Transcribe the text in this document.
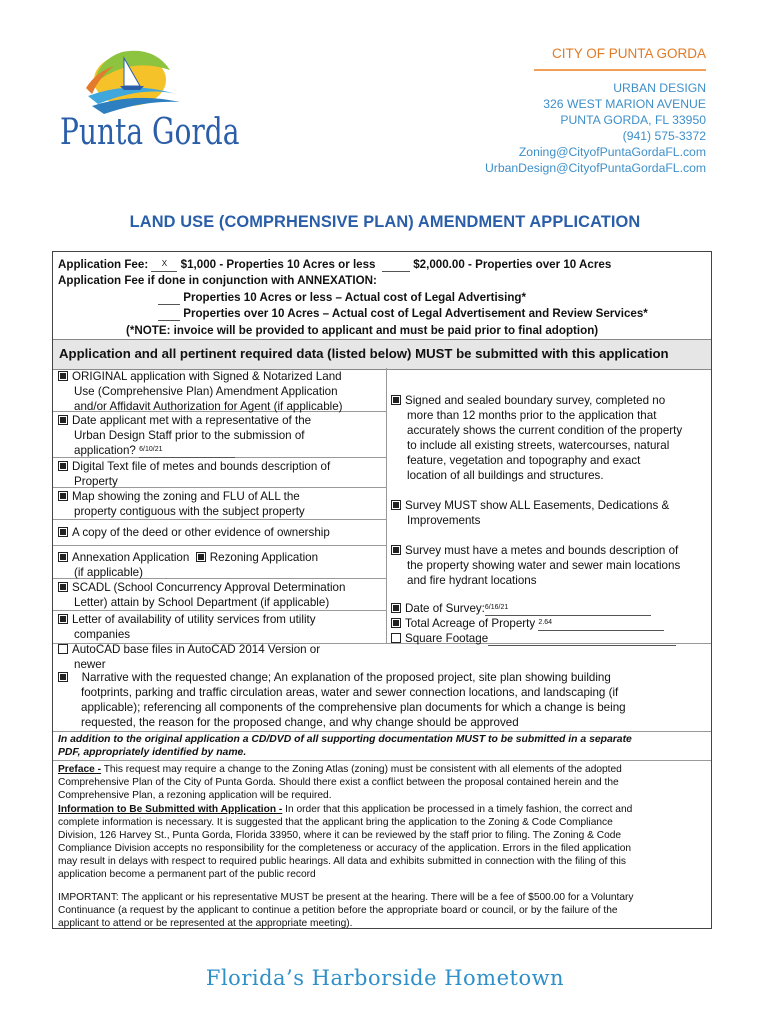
Punta Gorda
CITY OF PUNTA GORDA
URBAN DESIGN
326 WEST MARION AVENUE
PUNTA GORDA, FL 33950
(941) 575-3372
Zoning@CityofPuntaGordaFL.com
UrbanDesign@CityofPuntaGordaFL.com
LAND USE (COMPRHENSIVE PLAN) AMENDMENT APPLICATION
Application Fee: X $1,000 - Properties 10 Acres or less	$2,000.00 - Properties over 10 Acres
Application Fee if done in conjunction with ANNEXATION:
Properties 10 Acres or less – Actual cost of Legal Advertising*
Properties over 10 Acres – Actual cost of Legal Advertisement and Review Services*
(*NOTE: invoice will be provided to applicant and must be paid prior to final adoption)
Application and all pertinent required data (listed below) MUST be submitted with this application
ORIGINAL application with Signed & Notarized Land
Use (Comprehensive Plan) Amendment Application
and/or Affidavit Authorization for Agent (if applicable)
Date applicant met with a representative of the
Urban Design Staff prior to the submission of
application? 6/10/21
Digital Text file of metes and bounds description of
Property
Map showing the zoning and FLU of ALL the
property contiguous with the subject property
A copy of the deed or other evidence of ownership
Annexation Application Rezoning Application
(if applicable)
SCADL (School Concurrency Approval Determination
Letter) attain by School Department (if applicable)
Letter of availability of utility services from utility
companies
AutoCAD base files in AutoCAD 2014 Version or
newer
Signed and sealed boundary survey, completed no
more than 12 months prior to the application that
accurately shows the current condition of the property
to include all existing streets, watercourses, natural
feature, vegetation and topography and exact
location of all buildings and structures.
Survey MUST show ALL Easements, Dedications &
Improvements
Survey must have a metes and bounds description of
the property showing water and sewer main locations
and fire hydrant locations
Date of Survey:6/16/21
Total Acreage of Property 2.64
Square Footage
Narrative with the requested change; An explanation of the proposed project, site plan showing building
footprints, parking and traffic circulation areas, water and sewer connection locations, and landscaping (if
applicable); referencing all components of the comprehensive plan documents for which a change is being
requested, the reason for the proposed change, and why change should be approved
In addition to the original application a CD/DVD of all supporting documentation MUST to be submitted in a separate
PDF, appropriately identified by name.
Preface - This request may require a change to the Zoning Atlas (zoning) must be consistent with all elements of the adopted
Comprehensive Plan of the City of Punta Gorda. Should there exist a conflict between the proposal contained herein and the
Comprehensive Plan, a rezoning application will be required.
Information to Be Submitted with Application - In order that this application be processed in a timely fashion, the correct and
complete information is necessary. It is suggested that the applicant bring the application to the Zoning & Code Compliance
Division, 126 Harvey St., Punta Gorda, Florida 33950, where it can be reviewed by the staff prior to filing. The Zoning & Code
Compliance Division accepts no responsibility for the completeness or accuracy of the application. Errors in the filed application
may result in delays with respect to required public hearings. All data and exhibits submitted in connection with the filing of this
application become a permanent part of the public record
IMPORTANT: The applicant or his representative MUST be present at the hearing. There will be a fee of $500.00 for a Voluntary
Continuance (a request by the applicant to continue a petition before the appropriate board or council, or by the failure of the
applicant to attend or be represented at the appropriate meeting).
Florida’s Harborside Hometown
